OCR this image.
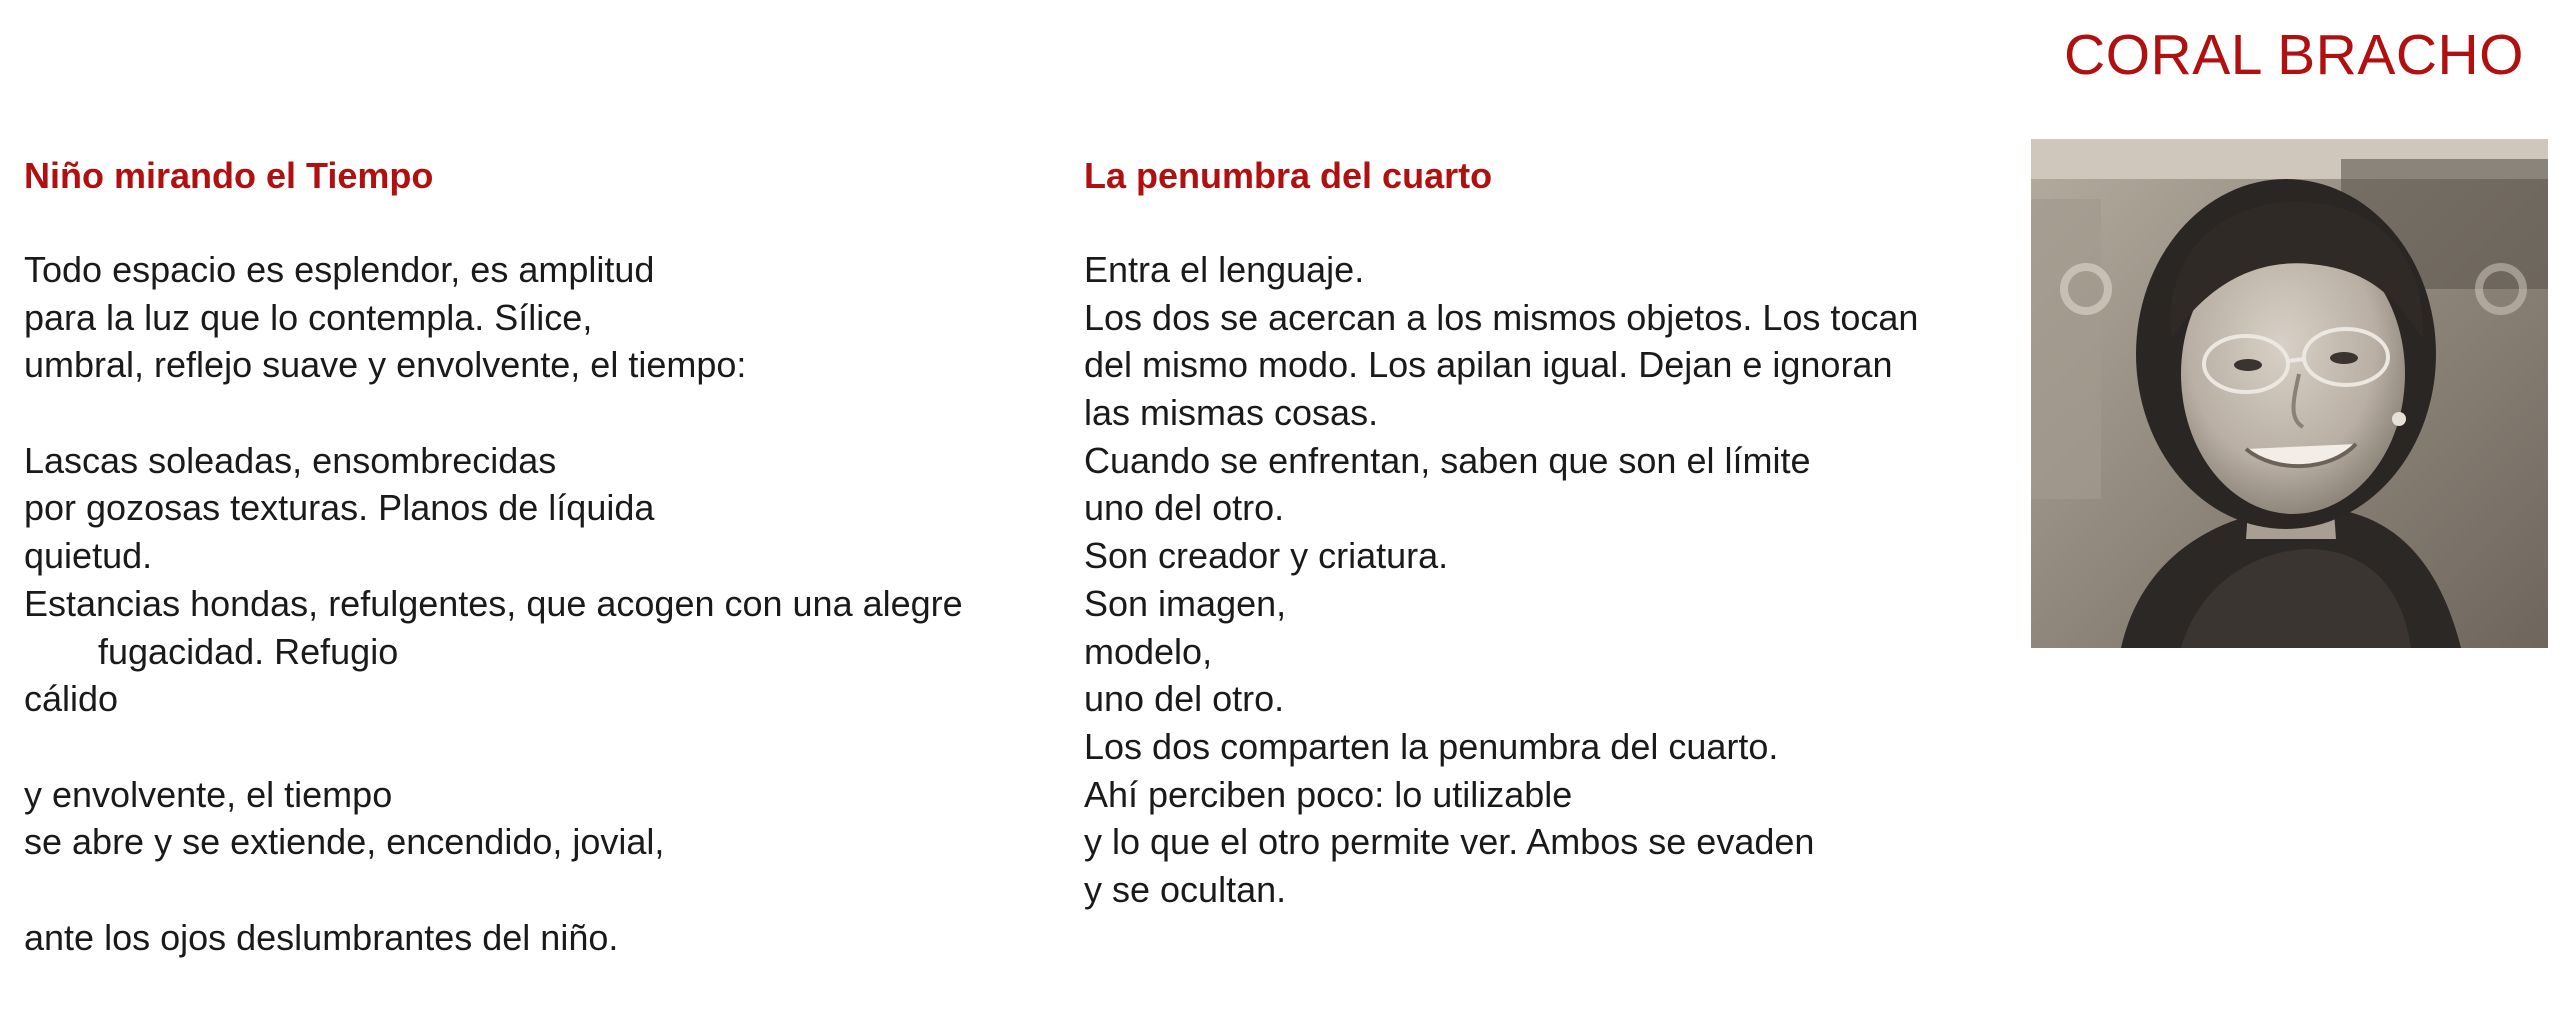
CORAL BRACHO
Niño mirando el Tiempo
Todo espacio es esplendor, es amplitud
para la luz que lo contempla. Sílice,
umbral, reflejo suave y envolvente, el tiempo:
Lascas soleadas, ensombrecidas
por gozosas texturas. Planos de líquida
quietud.
Estancias hondas, refulgentes, que acogen con una alegre
fugacidad. Refugio
cálido
y envolvente, el tiempo
se abre y se extiende, encendido, jovial,
ante los ojos deslumbrantes del niño.
La penumbra del cuarto
Entra el lenguaje.
Los dos se acercan a los mismos objetos. Los tocan
del mismo modo. Los apilan igual. Dejan e ignoran
las mismas cosas.
Cuando se enfrentan, saben que son el límite
uno del otro.
Son creador y criatura.
Son imagen,
modelo,
uno del otro.
Los dos comparten la penumbra del cuarto.
Ahí perciben poco: lo utilizable
y lo que el otro permite ver. Ambos se evaden
y se ocultan.
